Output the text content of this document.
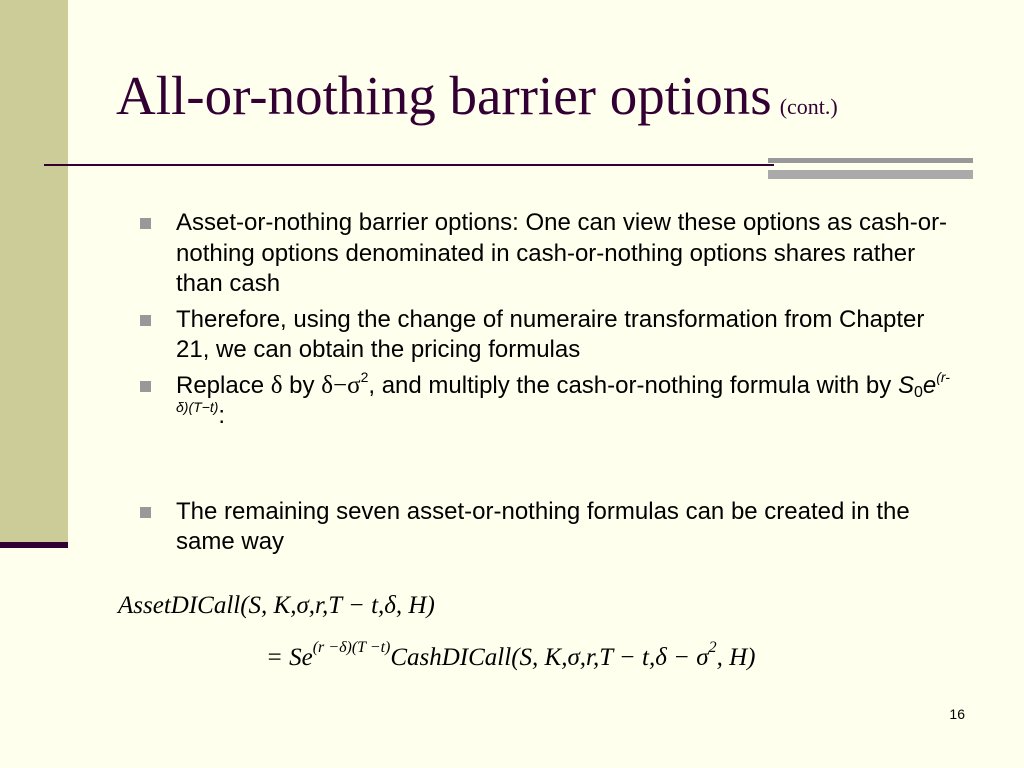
All-or-nothing barrier options (cont.)
Asset-or-nothing barrier options: One can view these options as cash-or-nothing options denominated in cash-or-nothing options shares rather than cash
Therefore, using the change of numeraire transformation from Chapter 21, we can obtain the pricing formulas
Replace δ by $\delta-\sigma^2$, and multiply the cash-or-nothing formula with by $S_0e^{(r-\delta)(T-t)}$:
The remaining seven asset-or-nothing formulas can be created in the same way
AssetDICall(S, K,σ,r,T − t,δ, H)
= $Se^{(r -\delta)(T -t)}CashDICall(S$, $K,\sigma,r,T - t,\delta - \sigma^2$, H)
16
